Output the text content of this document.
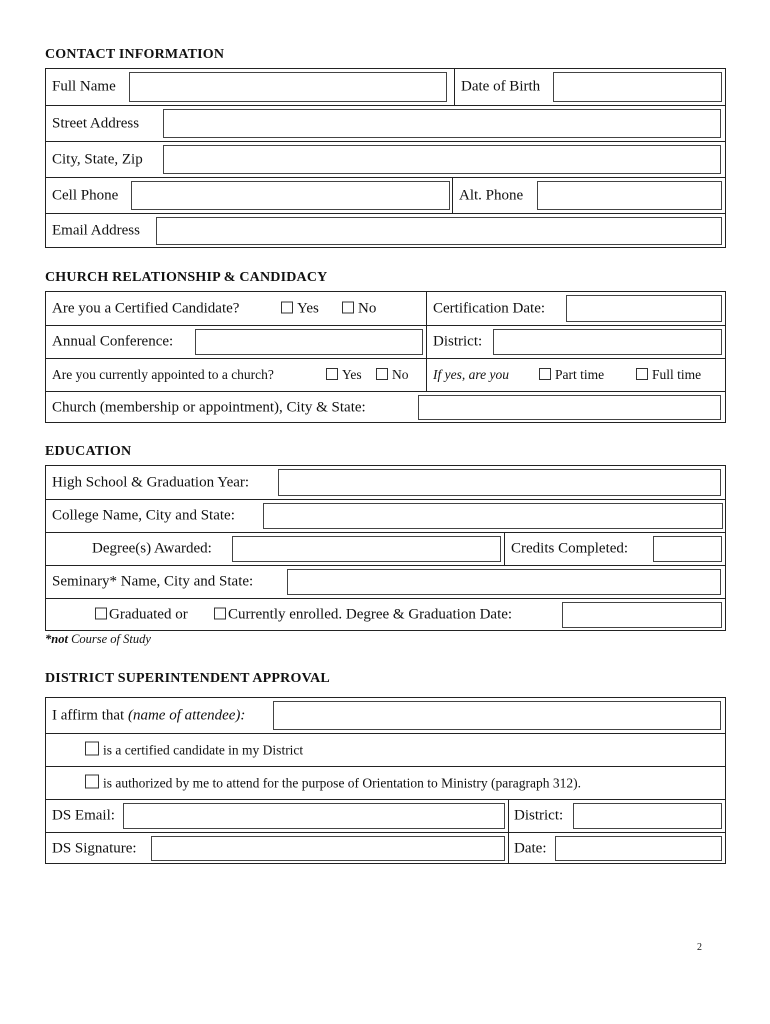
CONTACT INFORMATION
Full Name	Date of Birth
Street Address
City, State, Zip
Cell Phone	Alt. Phone
Email Address
CHURCH RELATIONSHIP & CANDIDACY
Are you a Certified Candidate?	Yes	No	Certification Date:
Annual Conference:	District:
Are you currently appointed to a church?	Yes	No If yes, are you	Part time	Full time
Church (membership or appointment), City & State:
EDUCATION
High School & Graduation Year:
College Name, City and State:
Degree(s) Awarded:	Credits Completed:
Seminary* Name, City and State:
Graduated or	Currently enrolled. Degree & Graduation Date:
*not Course of Study
DISTRICT SUPERINTENDENT APPROVAL
I affirm that (name of attendee):
is a certified candidate in my District
is authorized by me to attend for the purpose of Orientation to Ministry (paragraph 312).
DS Email:	District:
DS Signature:	Date:
2
